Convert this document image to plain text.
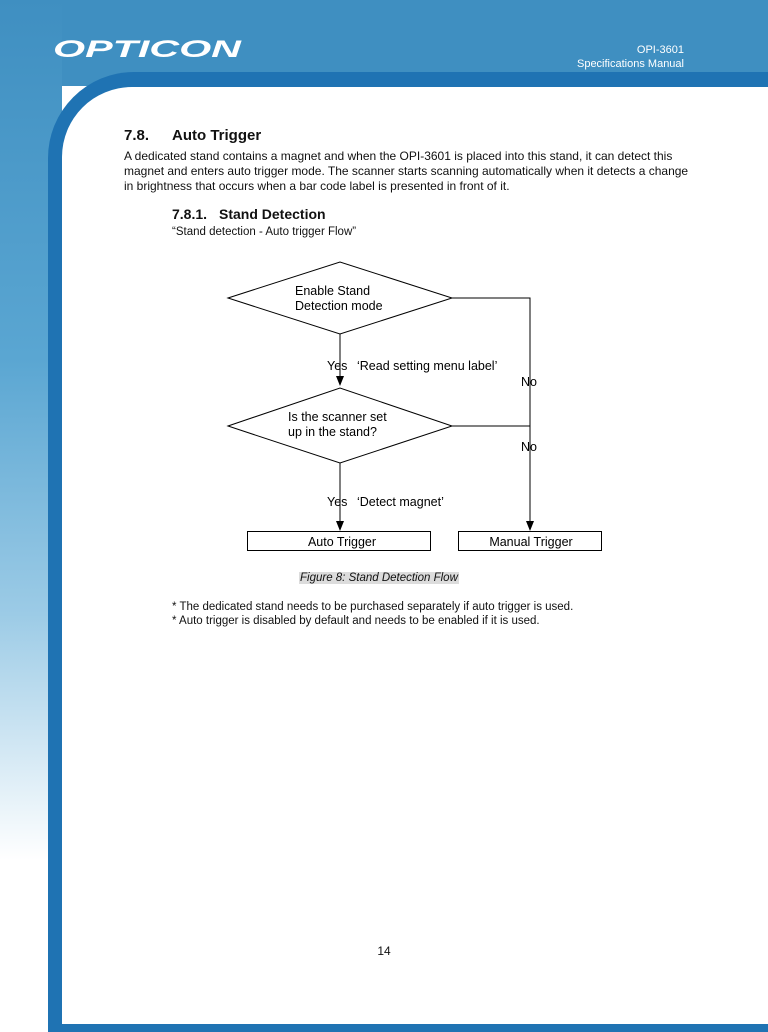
OPTICON	OPI-3601
Specifications Manual
7.8. Auto Trigger
A dedicated stand contains a magnet and when the OPI-3601 is placed into this stand, it can detect this magnet and enters auto trigger mode. The scanner starts scanning automatically when it detects a change in brightness that occurs when a bar code label is presented in front of it.
7.8.1. Stand Detection
“Stand detection - Auto trigger Flow”
Enable Stand
Detection mode
Yes ‘Read setting menu label’
No
Is the scanner set
up in the stand?
No
Yes ‘Detect magnet’
Auto Trigger	Manual Trigger
Figure 8: Stand Detection Flow
* The dedicated stand needs to be purchased separately if auto trigger is used.
* Auto trigger is disabled by default and needs to be enabled if it is used.
14
